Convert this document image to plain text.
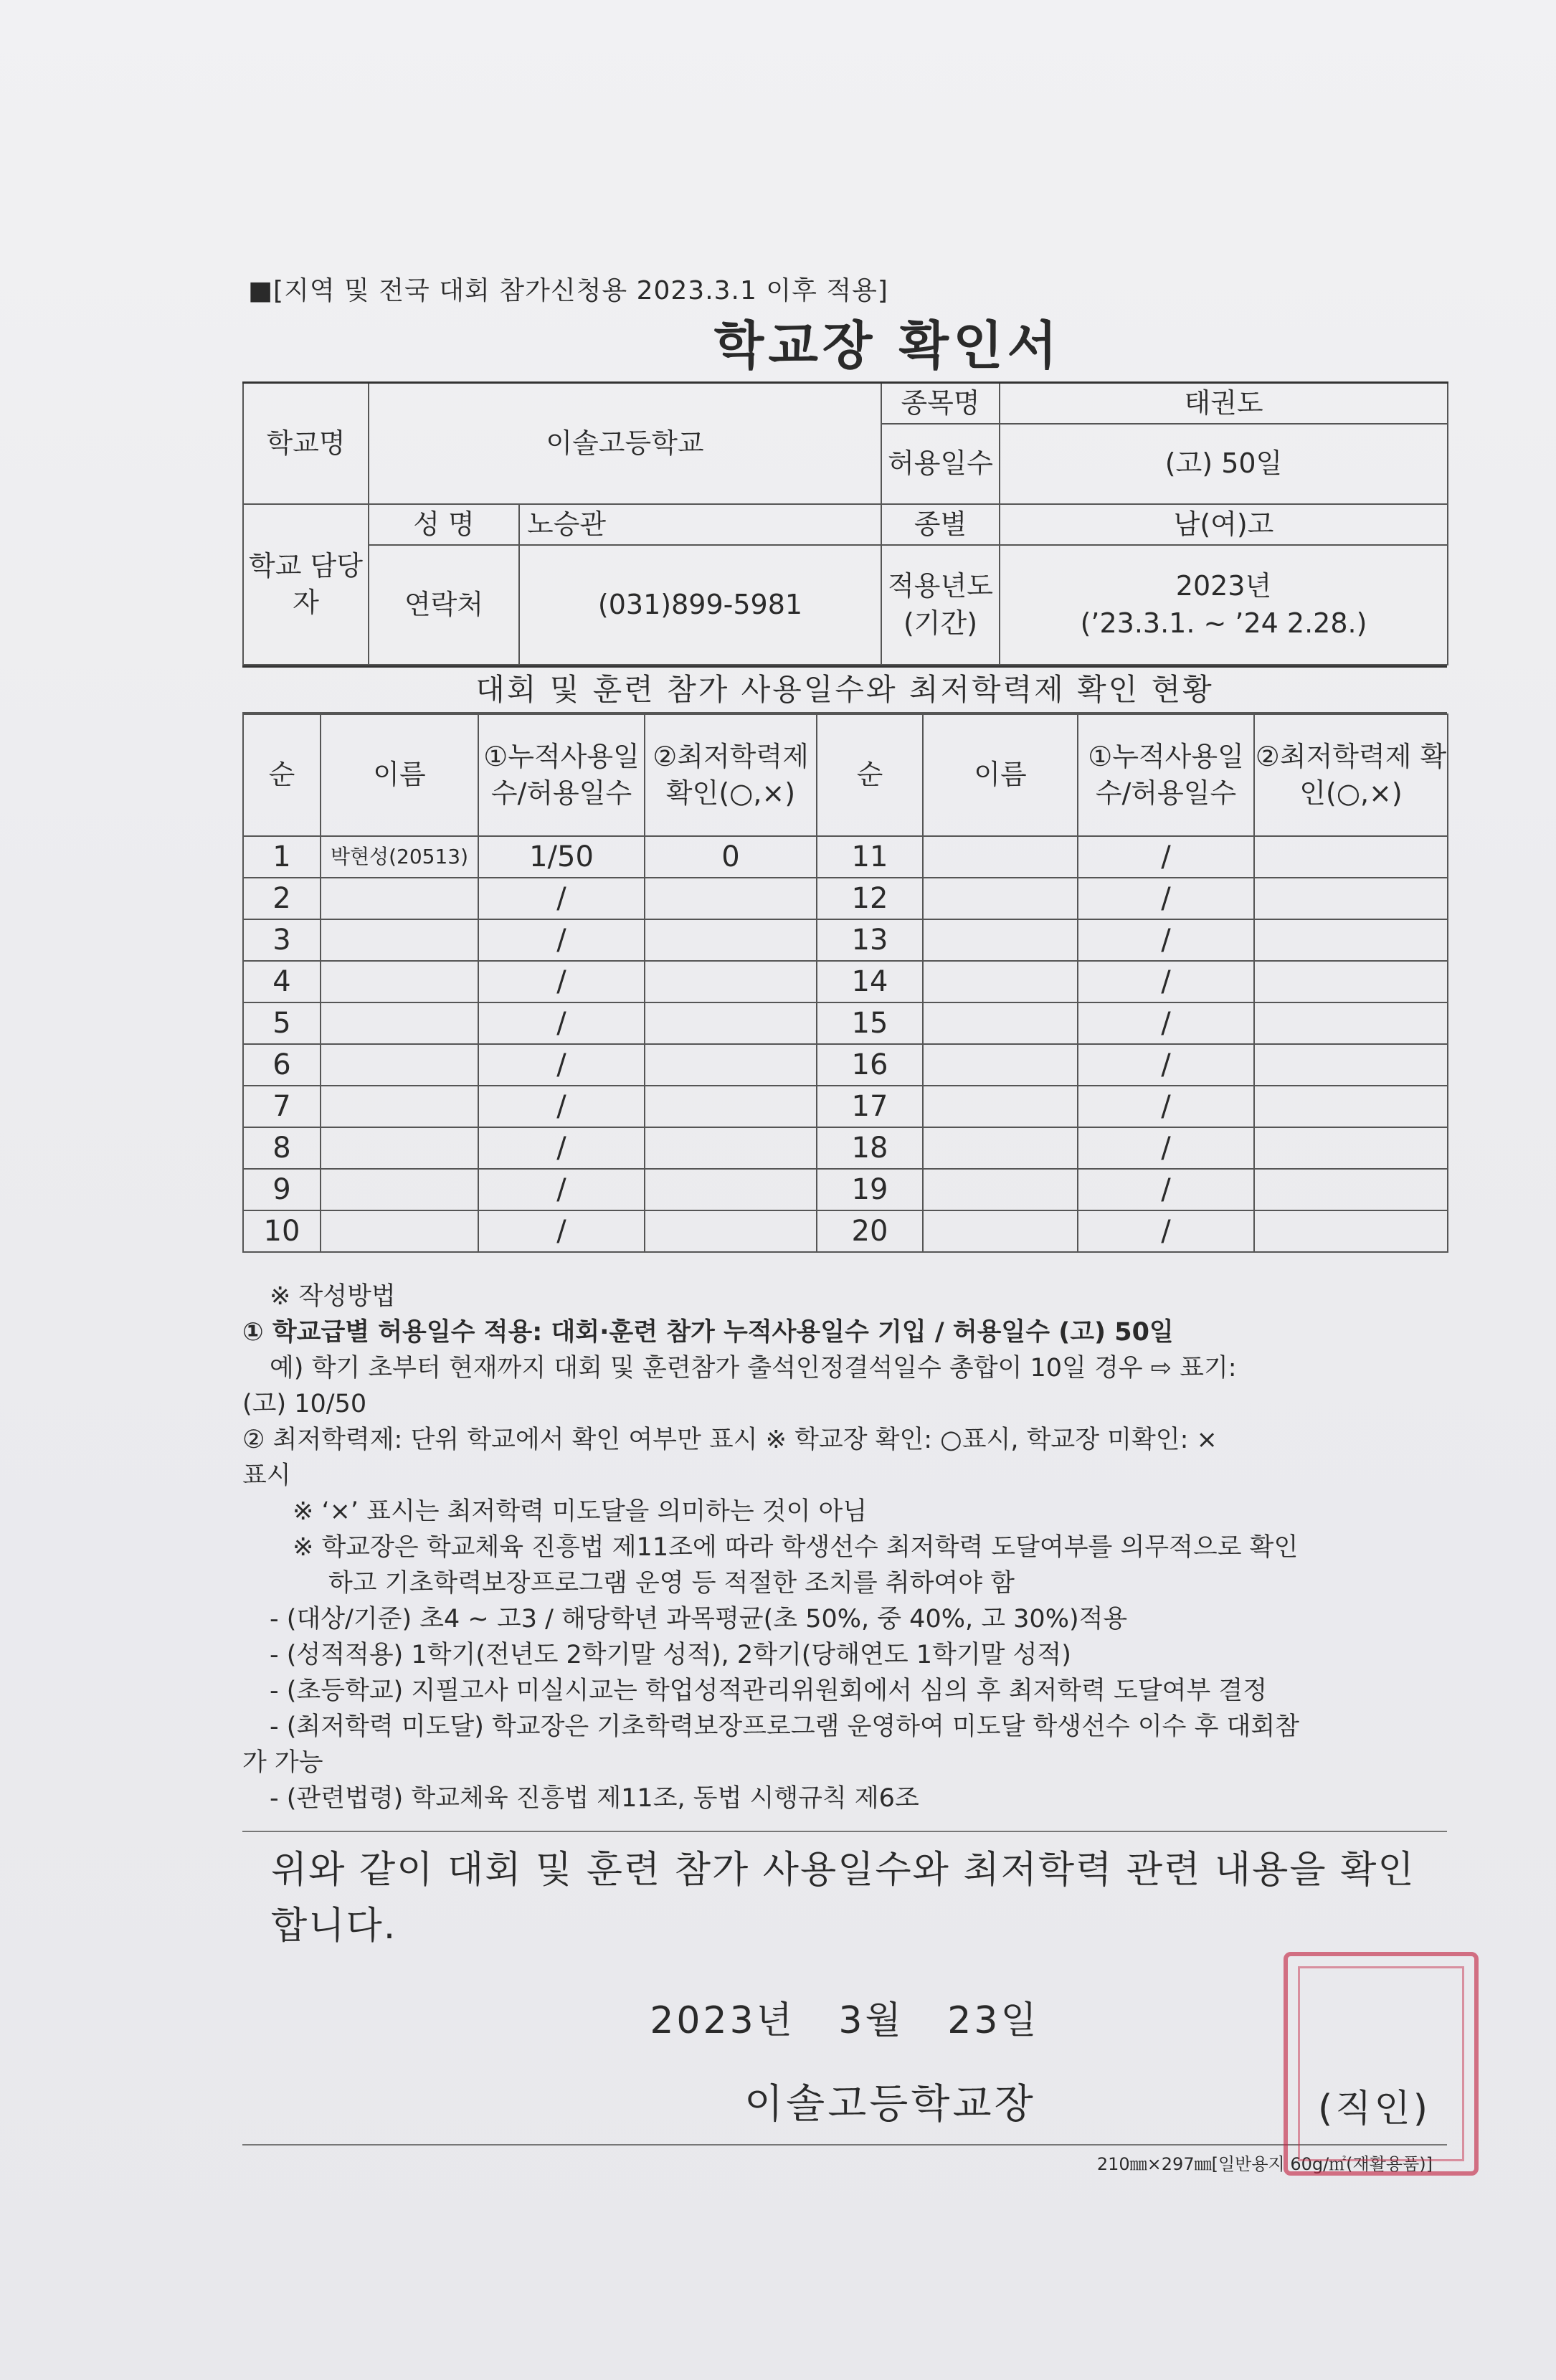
■[지역 및 전국 대회 참가신청용 2023.3.1 이후 적용]
학교장 확인서
학교명	이솔고등학교		종목명	태권도
			허용일수	(고) 50일
학교 담당자	성 명	노승관	종별	남(여)고
	연락처	(031)899-5981	적용년도 (기간)	2023년
(’23.3.1. ~ ’24 2.28.)
대회 및 훈련 참가 사용일수와 최저학력제 확인 현황
순	이름	①누적사용일수/허용일수	②최저학력제 확인(○,×)	순	이름	①누적사용일수/허용일수	②최저학력제 확인(○,×)
1	박현성(20513)	1/50	0	11		/	
2		/		12		/	
3		/		13		/	
4		/		14		/	
5		/		15		/	
6		/		16		/	
7		/		17		/	
8		/		18		/	
9		/		19		/	
10		/		20		/	
※ 작성방법
① 학교급별 허용일수 적용: 대회·훈련 참가 누적사용일수 기입 / 허용일수 (고) 50일
예) 학기 초부터 현재까지 대회 및 훈련참가 출석인정결석일수 총합이 10일 경우 ⇨ 표기:
(고) 10/50
② 최저학력제: 단위 학교에서 확인 여부만 표시 ※ 학교장 확인: ○표시, 학교장 미확인: ×
표시
※ ‘×’ 표시는 최저학력 미도달을 의미하는 것이 아님
※ 학교장은 학교체육 진흥법 제11조에 따라 학생선수 최저학력 도달여부를 의무적으로 확인
하고 기초학력보장프로그램 운영 등 적절한 조치를 취하여야 함
- (대상/기준) 초4 ~ 고3 / 해당학년 과목평균(초 50%, 중 40%, 고 30%)적용
- (성적적용) 1학기(전년도 2학기말 성적), 2학기(당해연도 1학기말 성적)
- (초등학교) 지필고사 미실시교는 학업성적관리위원회에서 심의 후 최저학력 도달여부 결정
- (최저학력 미도달) 학교장은 기초학력보장프로그램 운영하여 미도달 학생선수 이수 후 대회참
가 가능
- (관련법령) 학교체육 진흥법 제11조, 동법 시행규칙 제6조
위와 같이 대회 및 훈련 참가 사용일수와 최저학력 관련 내용을 확인
합니다.
2023년 3월 23일
이솔고등학교장	(직인)
210㎜×297㎜[일반용지 60g/㎡(재활용품)]
